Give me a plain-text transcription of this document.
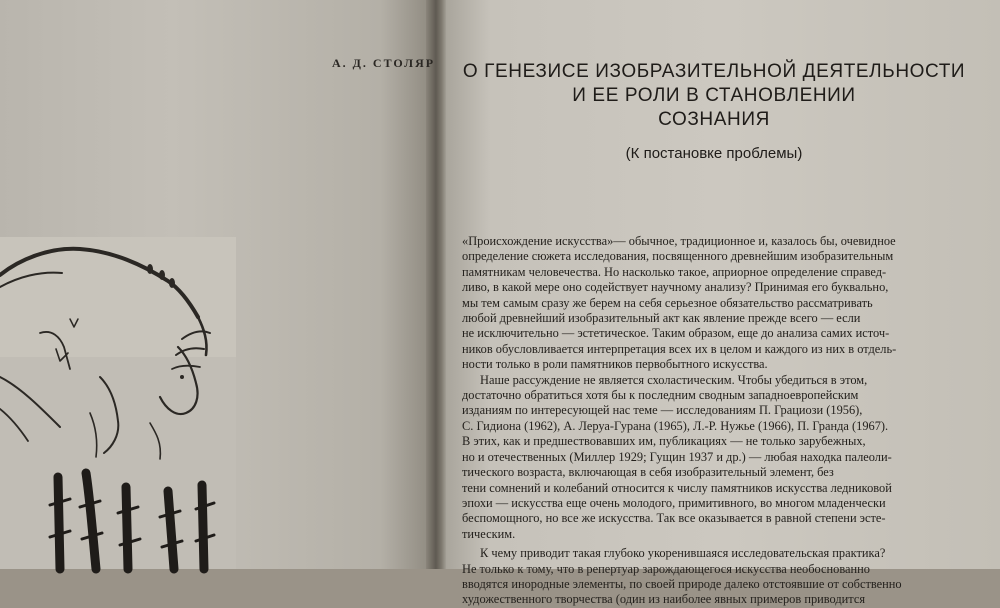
А. Д. СТОЛЯР О ГЕНЕЗИСЕ ИЗОБРАЗИТЕЛЬНОЙ ДЕЯТЕЛЬНОСТИ
И ЕЕ РОЛИ В СТАНОВЛЕНИИ
СОЗНАНИЯ
(К постановке проблемы)
«Происхождение искусства»— обычное, традиционное и, казалось бы, очевидное
определение сюжета исследования, посвященного древнейшим изобразительным
памятникам человечества. Но насколько такое, априорное определение справед-
ливо, в какой мере оно содействует научному анализу? Принимая его буквально,
мы тем самым сразу же берем на себя серьезное обязательство рассматривать
любой древнейший изобразительный акт как явление прежде всего — если
не исключительно — эстетическое. Таким образом, еще до анализа самих источ-
ников обусловливается интерпретация всех их в целом и каждого из них в отдель-
ности только в роли памятников первобытного искусства.
Наше рассуждение не является схоластическим. Чтобы убедиться в этом,
достаточно обратиться хотя бы к последним сводным западноевропейским
изданиям по интересующей нас теме — исследованиям П. Грациози (1956),
С. Гидиона (1962), А. Леруа-Гурана (1965), Л.-Р. Нужье (1966), П. Гранда (1967).
В этих, как и предшествовавших им, публикациях — не только зарубежных,
но и отечественных (Миллер 1929; Гущин 1937 и др.) — любая находка палеоли-
тического возраста, включающая в себя изобразительный элемент, без
тени сомнений и колебаний относится к числу памятников искусства ледниковой
эпохи — искусства еще очень молодого, примитивного, во многом младенчески
беспомощного, но все же искусства. Так все оказывается в равной степени эсте-
тическим.
К чему приводит такая глубоко укоренившаяся исследовательская практика?
Не только к тому, что в репертуар зарождающегося искусства необоснованно
вводятся инородные элементы, по своей природе далеко отстоявшие от собственно
художественного творчества (один из наиболее явных примеров приводится
